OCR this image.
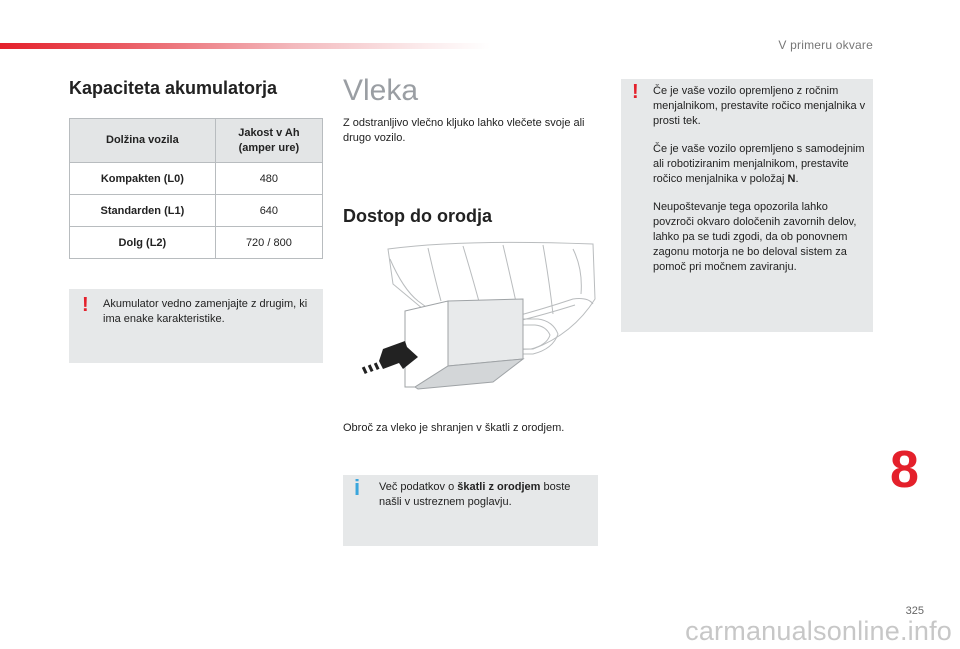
V primeru okvare
Kapaciteta akumulatorja
Dolžina vozila	Jakost v Ah
(amper ure)
Kompakten (L0)	480
Standarden (L1)	640
Dolg (L2)	720 / 800
! Akumulator vedno zamenjajte z drugim, ki ima enake karakteristike.
Vleka
Z odstranljivo vlečno kljuko lahko vlečete svoje ali drugo vozilo.
Dostop do orodja
Obroč za vleko je shranjen v škatli z orodjem.
i Več podatkov o škatli z orodjem boste našli v ustreznem poglavju.
! Če je vaše vozilo opremljeno z ročnim menjalnikom, prestavite ročico menjalnika v prosti tek.

Če je vaše vozilo opremljeno s samodejnim ali robotiziranim menjalnikom, prestavite ročico menjalnika v položaj N.

Neupoštevanje tega opozorila lahko povzroči okvaro določenih zavornih delov, lahko pa se tudi zgodi, da ob ponovnem zagonu motorja ne bo deloval sistem za pomoč pri močnem zaviranju.

8
325
carmanualsonline.info
